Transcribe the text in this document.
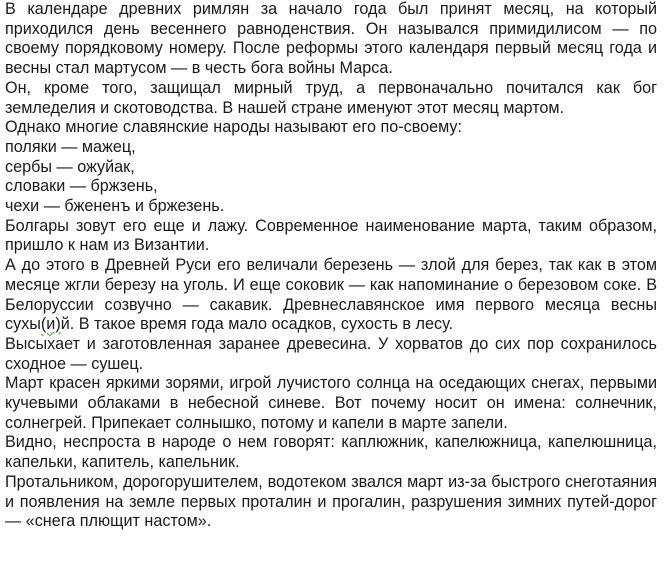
В календаре древних римлян за начало года был принят месяц, на который приходился день весеннего равноденствия. Он назывался примидилисом — по своему порядковому номеру. После реформы этого календаря первый месяц года и весны стал мартусом — в честь бога войны Марса.

Он, кроме того, защищал мирный труд, а первоначально почитался как бог земледелия и скотоводства. В нашей стране именуют этот месяц мартом.

Однако многие славянские народы называют его по-своему:

поляки — мажец,

сербы — ожуйак,

словаки — бржзень,

чехи — бжененъ и бржезень.

Болгары зовут его еще и лажу. Современное наименование марта, таким образом, пришло к нам из Византии.

А до этого в Древней Руси его величали березень — злой для берез, так как в этом месяце жгли березу на уголь. И еще соковик — как напоминание о березовом соке. В Белоруссии созвучно — сакавик. Древнеславянское имя первого месяца весны сухы(и)й. В такое время года мало осадков, сухость в лесу.

Высыхает и заготовленная заранее древесина. У хорватов до сих пор сохранилось сходное — сушец.

Март красен яркими зорями, игрой лучистого солнца на оседающих снегах, первыми кучевыми облаками в небесной синеве. Вот почему носит он имена: солнечник, солнегрей. Припекает солнышко, потому и капели в марте запели.

Видно, неспроста в народе о нем говорят: каплюжник, капелюжница, капелюшница, капельки, капитель, капельник.

Протальником, дорогорушителем, водотеком звался март из-за быстрого снеготаяния и появления на земле первых проталин и прогалин, разрушения зимних путей-дорог — «снега плющит настом».
